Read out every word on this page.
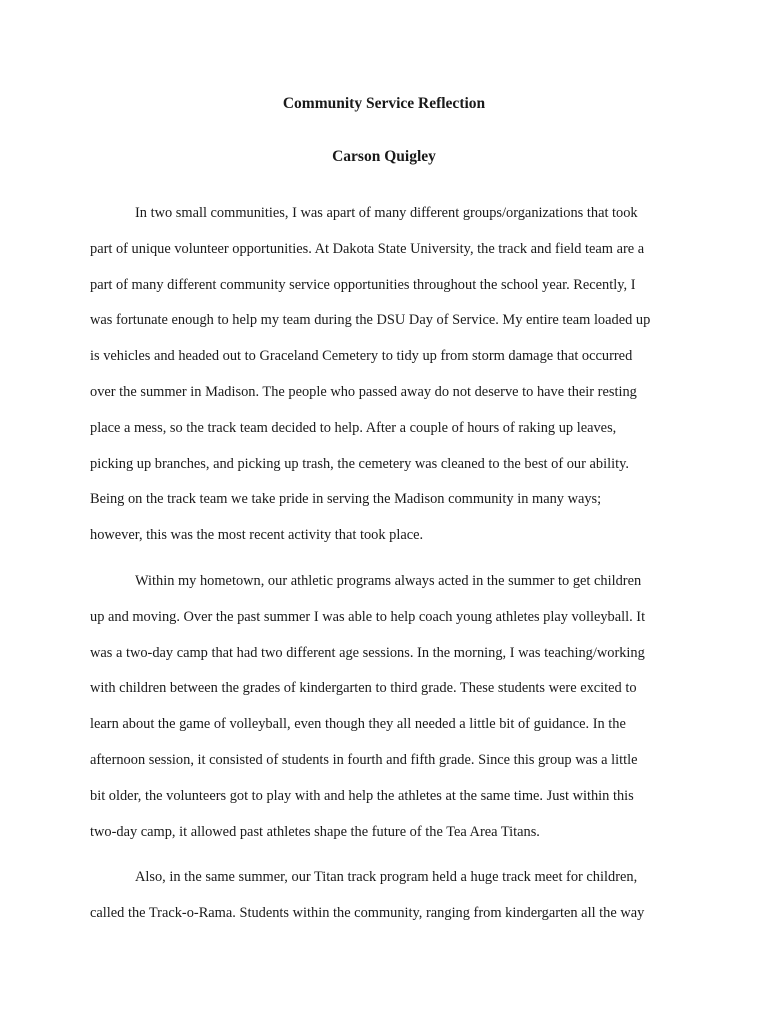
Community Service Reflection
Carson Quigley
In two small communities, I was apart of many different groups/organizations that took
part of unique volunteer opportunities. At Dakota State University, the track and field team are a
part of many different community service opportunities throughout the school year. Recently, I
was fortunate enough to help my team during the DSU Day of Service. My entire team loaded up
is vehicles and headed out to Graceland Cemetery to tidy up from storm damage that occurred
over the summer in Madison. The people who passed away do not deserve to have their resting
place a mess, so the track team decided to help. After a couple of hours of raking up leaves,
picking up branches, and picking up trash, the cemetery was cleaned to the best of our ability.
Being on the track team we take pride in serving the Madison community in many ways;
however, this was the most recent activity that took place.
Within my hometown, our athletic programs always acted in the summer to get children
up and moving. Over the past summer I was able to help coach young athletes play volleyball. It
was a two-day camp that had two different age sessions. In the morning, I was teaching/working
with children between the grades of kindergarten to third grade. These students were excited to
learn about the game of volleyball, even though they all needed a little bit of guidance. In the
afternoon session, it consisted of students in fourth and fifth grade. Since this group was a little
bit older, the volunteers got to play with and help the athletes at the same time. Just within this
two-day camp, it allowed past athletes shape the future of the Tea Area Titans.
Also, in the same summer, our Titan track program held a huge track meet for children,
called the Track-o-Rama. Students within the community, ranging from kindergarten all the way
